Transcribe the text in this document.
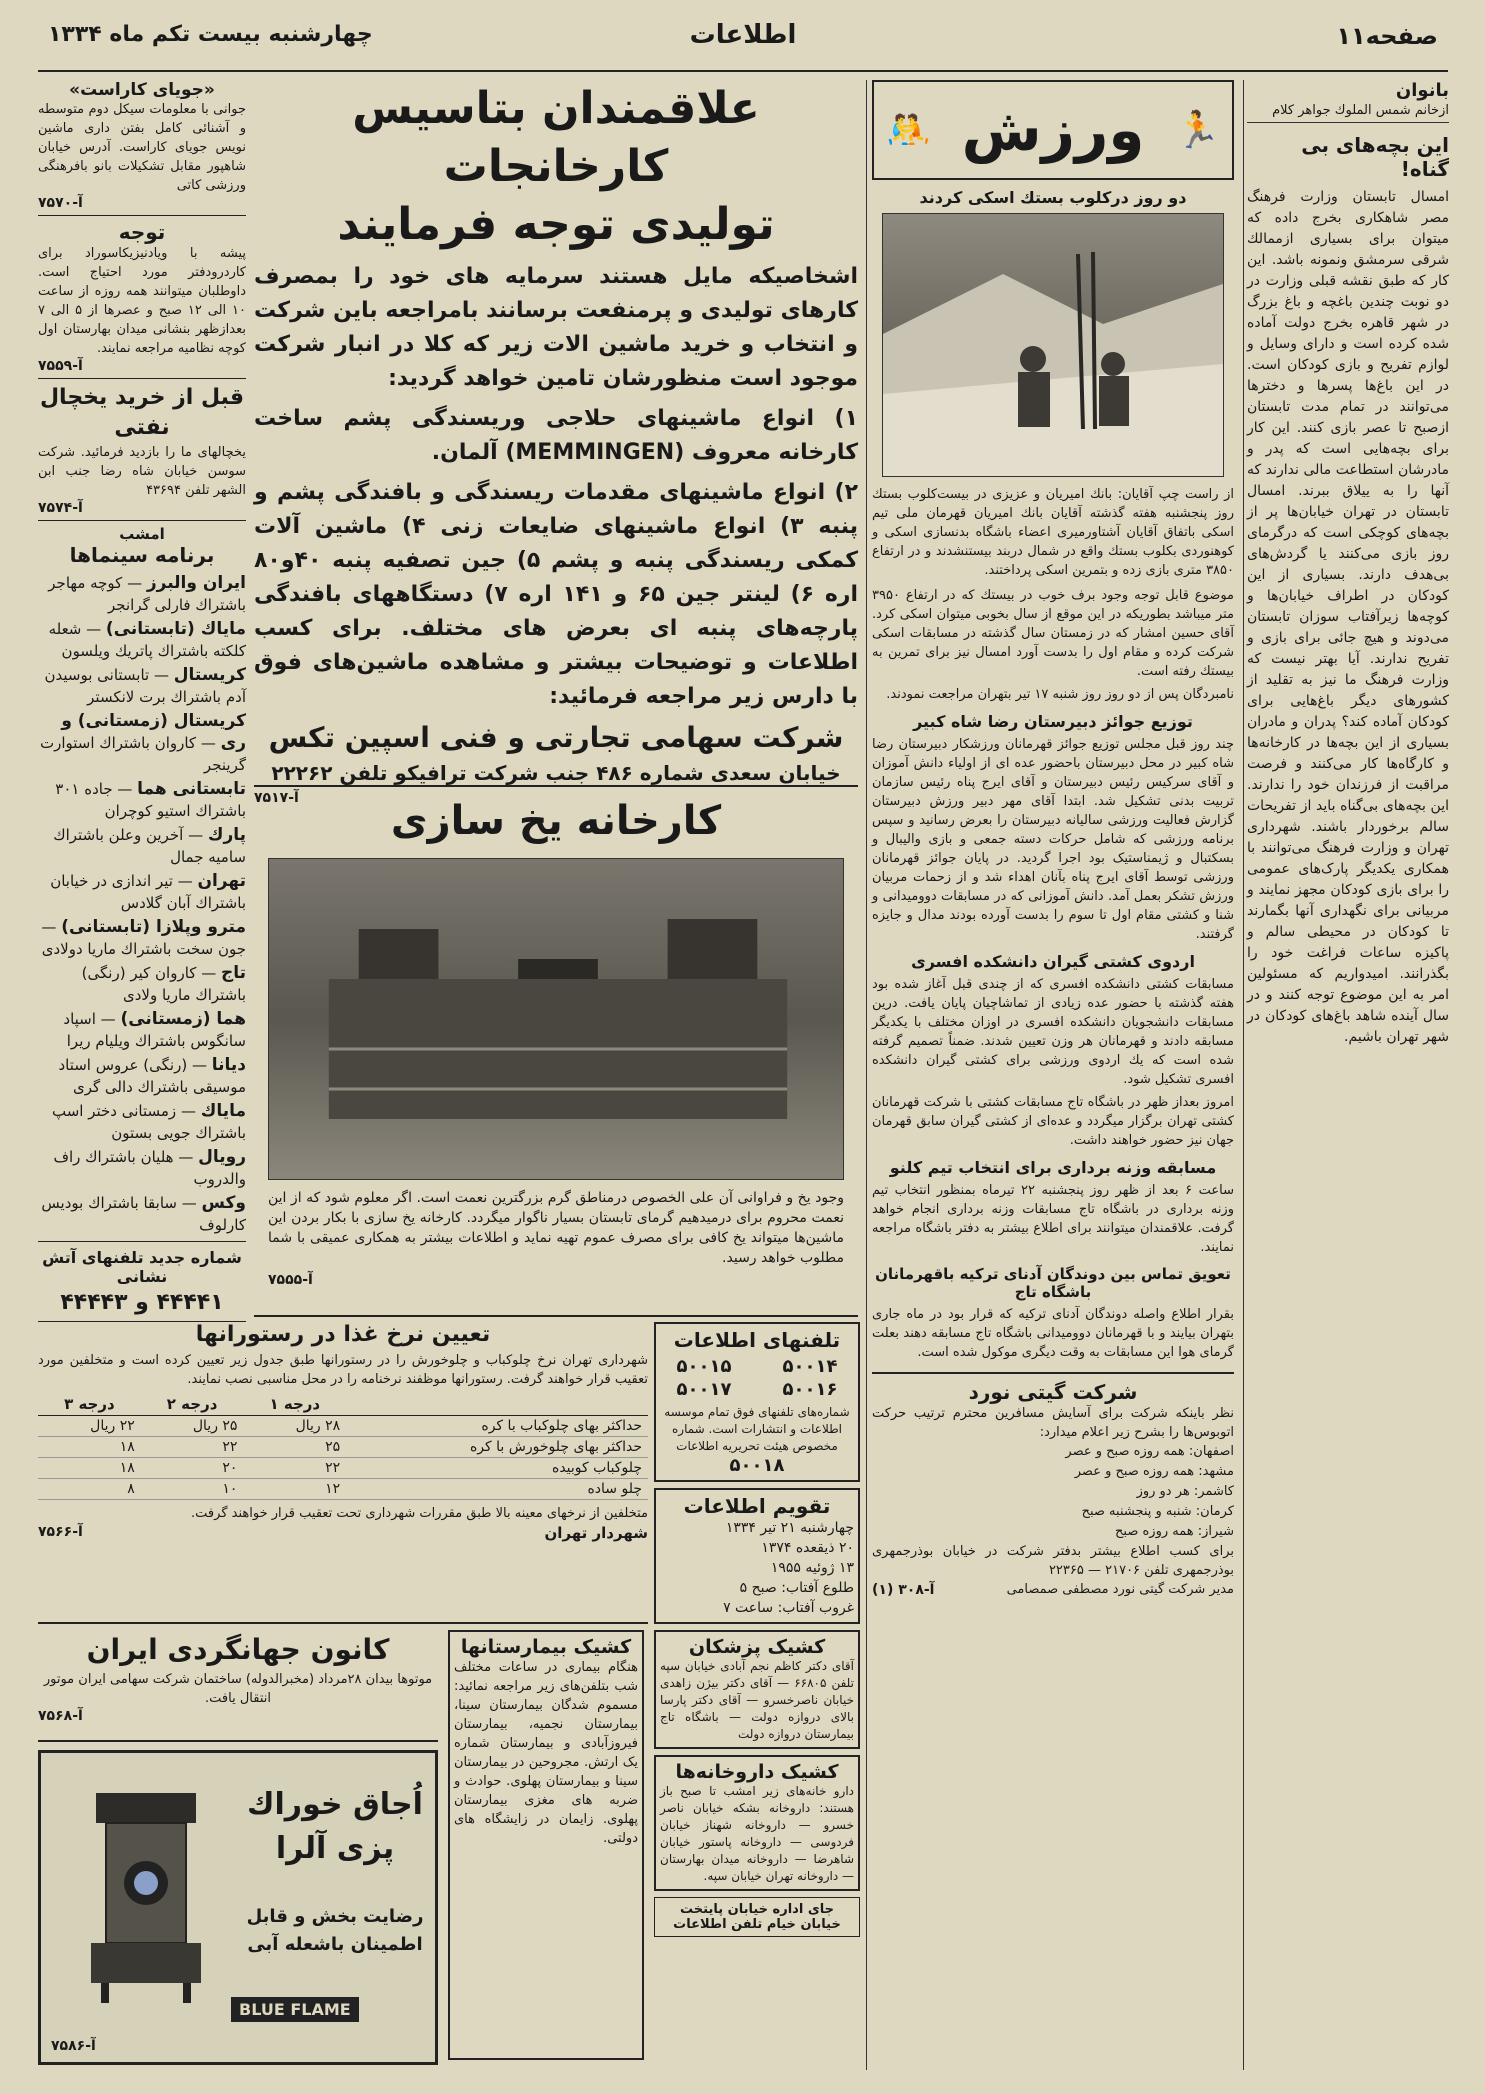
صفحه۱۱
اطلاعات
چهارشنبه بیست تکم ماه ۱۳۳۴
بانوان
ازخانم شمس الملوك جواهر کلام
این بچه‌های بی گناه!
امسال تابستان وزارت فرهنگ مصر شاهکاری بخرج داده که میتوان برای بسیاری ازممالك شرقی سرمشق ونمونه باشد. این کار که طبق نقشه قبلی وزارت در دو نوبت چندین باغچه و باغ بزرگ در شهر قاهره بخرج دولت آماده شده کرده است و دارای وسایل و لوازم تفریح و بازی کودکان است. در این باغ‌ها پسرها و دخترها می‌توانند در تمام مدت تابستان ازصبح تا عصر بازی کنند. این کار برای بچه‌هایی است که پدر و مادرشان استطاعت مالی ندارند که آنها را به ییلاق ببرند. امسال تابستان در تهران خیابان‌ها پر از بچه‌های کوچکی است که درگرمای روز بازی می‌کنند یا گردش‌های بی‌هدف دارند. بسیاری از این کودکان در اطراف خیابان‌ها و کوچه‌ها زیرآفتاب سوزان تابستان می‌دوند و هیچ جائی برای بازی و تفریح ندارند. آیا بهتر نیست که وزارت فرهنگ ما نیز به تقلید از کشورهای دیگر باغ‌هایی برای کودکان آماده کند؟ پدران و مادران بسیاری از این بچه‌ها در کارخانه‌ها و کارگاه‌ها کار می‌کنند و فرصت مراقبت از فرزندان خود را ندارند. این بچه‌های بی‌گناه باید از تفریحات سالم برخوردار باشند. شهرداری تهران و وزارت فرهنگ می‌توانند با همکاری یکدیگر پارک‌های عمومی را برای بازی کودکان مجهز نمایند و مربیانی برای نگهداری آنها بگمارند تا کودکان در محیطی سالم و پاکیزه ساعات فراغت خود را بگذرانند. امیدواریم که مسئولین امر به این موضوع توجه کنند و در سال آینده شاهد باغ‌های کودکان در شهر تهران باشیم.
🏃
ورزش
🤼
دو روز درکلوب بستك اسكی کردند
از راست چپ آقایان: بانك امیریان و عزیزی در بیست‌کلوب بستك روز پنجشنبه هفته گذشته آقایان بانك امیریان قهرمان ملی تیم اسکی باتفاق آقایان آشتاورمیری اعضاء باشگاه بدنسازی اسکی و کوهنوردی بکلوب بستك واقع در شمال دربند بیستنشدند و در ارتفاع ۳۸۵۰ متری بازی زده و بتمرین اسکی پرداختند.
موضوع قابل توجه وجود برف خوب در بیستك که در ارتفاع ۳۹۵۰ متر میباشد بطوریکه در این موقع از سال بخوبی میتوان اسکی کرد. آقای حسین امشار که در زمستان سال گذشته در مسابقات اسکی شرکت کرده و مقام اول را بدست آورد امسال نیز برای تمرین به بیستك رفته است.
نامبردگان پس از دو روز روز شنبه ۱۷ تیر بتهران مراجعت نمودند.
توزیع جوائز دبیرستان رضا شاه کبیر
چند روز قبل مجلس توزیع جوائز قهرمانان ورزشکار دبیرستان رضا شاه کبیر در محل دبیرستان باحضور عده ای از اولیاء دانش آموزان و آقای سرکیس رئیس دبیرستان و آقای ایرج پناه رئیس سازمان تربیت بدنی تشکیل شد. ابتدا آقای مهر دبیر ورزش دبیرستان گزارش فعالیت ورزشی سالیانه دبیرستان را بعرض رسانید و سپس برنامه ورزشی که شامل حرکات دسته جمعی و بازی والیبال و بسکتبال و ژیمناستیک بود اجرا گردید. در پایان جوائز قهرمانان ورزشی توسط آقای ایرج پناه بآنان اهداء شد و از زحمات مربیان ورزش تشکر بعمل آمد. دانش آموزانی که در مسابقات دوومیدانی و شنا و کشتی مقام اول تا سوم را بدست آورده بودند مدال و جایزه گرفتند.
اردوی کشتی گیران دانشکده افسری
مسابقات کشتی دانشکده افسری که از چندی قبل آغاز شده بود هفته گذشته با حضور عده زیادی از تماشاچیان پایان یافت. درین مسابقات دانشجویان دانشکده افسری در اوزان مختلف با یکدیگر مسابقه دادند و قهرمانان هر وزن تعیین شدند. ضمناً تصمیم گرفته شده است که یك اردوی ورزشی برای کشتی گیران دانشکده افسری تشکیل شود.
امروز بعداز ظهر در باشگاه تاج مسابقات کشتی با شرکت قهرمانان کشتی تهران برگزار میگردد و عده‌ای از کشتی گیران سابق قهرمان جهان نیز حضور خواهند داشت.
مسابقه وزنه برداری برای انتخاب تیم کلنو
ساعت ۶ بعد از ظهر روز پنجشنبه ۲۲ تیرماه بمنظور انتخاب تیم وزنه برداری در باشگاه تاج مسابقات وزنه برداری انجام خواهد گرفت. علاقمندان میتوانند برای اطلاع بیشتر به دفتر باشگاه مراجعه نمایند.
تعویق تماس بین دوندگان آدنای ترکیه باقهرمانان باشگاه تاج
بقرار اطلاع واصله دوندگان آدنای ترکیه که قرار بود در ماه جاری بتهران بیایند و با قهرمانان دوومیدانی باشگاه تاج مسابقه دهند بعلت گرمای هوا این مسابقات به وقت دیگری موکول شده است.
شرکت گیتی نورد
نظر باینکه شرکت برای آسایش مسافرین محترم ترتیب حرکت اتوبوس‌ها را بشرح زیر اعلام میدارد:
اصفهان: همه روزه صبح و عصر
مشهد: همه روزه صبح و عصر
کاشمر: هر دو روز
کرمان: شنبه و پنجشنبه صبح
شیراز: همه روزه صبح
برای کسب اطلاع بیشتر بدفتر شرکت در خیابان بوذرجمهری بوذرجمهری تلفن ۲۱۷۰۶ — ۲۲۳۶۵
مدیر شرکت گیتی نورد مصطفی صمصامی
آ-۳۰۸ (۱)
علاقمندان بتاسیس کارخانجات
تولیدی توجه فرمایند
اشخاصیکه مایل هستند سرمایه های خود را بمصرف کارهای تولیدی و پرمنفعت برسانند بامراجعه باین شرکت و انتخاب و خرید ماشین الات زیر که کلا در انبار شرکت موجود است منظورشان تامین خواهد گردید:
۱) انواع ماشینهای حلاجی وریسندگی پشم ساخت کارخانه معروف (MEMMINGEN) آلمان.
۲) انواع ماشینهای مقدمات ریسندگی و بافندگی پشم و پنبه ۳) انواع ماشینهای ضایعات زنی ۴) ماشین آلات کمکی ریسندگی پنبه و پشم ۵) جین تصفیه پنبه ۴۰و۸۰ اره ۶) لینتر جین ۶۵ و ۱۴۱ اره ۷) دستگاههای بافندگی پارچه‌های پنبه ای بعرض های مختلف. برای کسب اطلاعات و توضیحات بیشتر و مشاهده ماشین‌های فوق با دارس زیر مراجعه فرمائید:
شرکت سهامی تجارتی و فنی اسپین تکس
خیابان سعدی شماره ۴۸۶ جنب شرکت ترافیکو تلفن ۲۲۲۶۲
آ-۷۵۱۷	کارخانه یخ سازی
وجود یخ و فراوانی آن علی الخصوص درمناطق گرم بزرگترین نعمت است. اگر معلوم شود که از این نعمت محروم برای درمیدهیم گرمای تابستان بسیار ناگوار میگردد. کارخانه یخ سازی با بکار بردن این ماشین‌ها میتواند یخ کافی برای مصرف عموم تهیه نماید و اطلاعات بیشتر به همکاری عمیقی با شما مطلوب خواهد رسید.
آ-۷۵۵۵
«جویای کاراست»
جوانی با معلومات سیکل دوم متوسطه و آشنائی کامل بفتن داری ماشین نویس جویای کاراست. آدرس خیابان شاهپور مقابل تشکیلات بانو بافرهنگی ورزشی کاتی
آ-۷۵۷۰
توجه
پیشه با ویادنیزیکاسوراد برای کاردرودفتر مورد احتیاج است. داوطلبان میتوانند همه روزه از ساعت ۱۰ الی ۱۲ صبح و عصرها از ۵ الی ۷ بعدازظهر بنشانی میدان بهارستان اول کوچه نظامیه مراجعه نمایند.
آ-۷۵۵۹
قبل از خرید یخچال نفتی
یخچالهای ما را بازدید فرمائید. شرکت سوسن خیابان شاه رضا جنب ابن الشهر تلفن ۴۳۶۹۴
آ-۷۵۷۴
امشب
برنامه سینماها
ایران والبرز — کوچه مهاجر باشتراك فارلی گرانجر
مایاك (تابستانی) — شعله کلکته باشتراك پاتریك ویلسون
کریستال — تابستانی بوسیدن آدم باشتراك برت لانکستر
کریستال (زمستانی) و ری — کاروان باشتراك استوارت گرینجر
تابستانی هما — جاده ۳۰۱ باشتراك استیو کوچران
پارك — آخرین وعلن باشتراك سامیه جمال
تهران — تیر اندازی در خیابان باشتراك آبان گلادس
مترو وپلازا (تابستانی) — جون سخت باشتراك ماریا دولادی
تاج — کاروان کیر (رنگی) باشتراك ماریا ولادی
هما (زمستانی) — اسپاد سانگوس باشتراك ویلیام ریرا
دیانا — (رنگی) عروس استاد موسیقی باشتراك دالی گری
مایاك — زمستانی دختر اسپ باشتراك جویی بستون
رویال — هلیان باشتراك راف والدروب
وکس — سابقا باشتراك بودیس کارلوف
شماره جدید تلفنهای آتش نشانی
۴۴۴۴۱ و ۴۴۴۴۳
تعیین نرخ غذا در رستورانها
شهرداری تهران نرخ چلوکباب و چلوخورش را در رستورانها طبق جدول زیر تعیین کرده است و متخلفین مورد تعقیب قرار خواهند گرفت. رستورانها موظفند نرخنامه را در محل مناسبی نصب نمایند.
	درجه ۱	درجه ۲	درجه ۳
حداکثر بهای چلوکباب با کره	۲۸ ریال	۲۵ ریال	۲۲ ریال
حداکثر بهای چلوخورش با کره	۲۵	۲۲	۱۸
چلوکباب کوبیده	۲۲	۲۰	۱۸
چلو ساده	۱۲	۱۰	۸
متخلفین از نرخهای معینه بالا طبق مقررات شهرداری تحت تعقیب قرار خواهند گرفت.
شهردار تهران
آ-۷۵۶۶
تلفنهای اطلاعات
۵۰۰۱۴
۵۰۰۱۵
۵۰۰۱۶
۵۰۰۱۷
شماره‌های تلفنهای فوق تمام موسسه اطلاعات و انتشارات است. شماره مخصوص هیئت تحریریه اطلاعات
۵۰۰۱۸
تقویم اطلاعات
چهارشنبه ۲۱ تیر ۱۳۳۴
۲۰ ذیقعده ۱۳۷۴
۱۳ ژوئیه ۱۹۵۵
طلوع آفتاب: صبح ۵
غروب آفتاب: ساعت ۷
کشیک پزشکان
آقای دکتر کاظم نجم آبادی خیابان سپه تلفن ۶۶۸۰۵ — آقای دکتر بیژن زاهدی خیابان ناصرخسرو — آقای دکتر پارسا بالای دروازه دولت — باشگاه تاج بیمارستان دروازه دولت
کشیک داروخانه‌ها
دارو خانه‌های زیر امشب تا صبح باز هستند: داروخانه بشکه خیابان ناصر خسرو — داروخانه شهناز خیابان فردوسی — داروخانه پاستور خیابان شاهرضا — داروخانه میدان بهارستان — داروخانه تهران خیابان سپه.
جای اداره خیابان پایتخت خیابان خیام تلفن اطلاعات
کشیک بیمارستانها
هنگام بیماری در ساعات مختلف شب بتلفن‌های زیر مراجعه نمائید: مسموم شدگان بیمارستان سینا، بیمارستان نجمیه، بیمارستان فیروزآبادی و بیمارستان شماره یک ارتش. مجروحین در بیمارستان سینا و بیمارستان پهلوی. حوادث و ضربه های مغزی بیمارستان پهلوی. زایمان در زایشگاه های دولتی.
کانون جهانگردی ایران
موتوها بیدان ۲۸مرداد (مخبرالدوله) ساختمان شرکت سهامی ایران موتور انتقال یافت.
آ-۷۵۶۸
اُجاق خوراك پزی آلرا
رضایت بخش و قابل اطمینان باشعله آبی
BLUE FLAME
آ-۷۵۸۶
